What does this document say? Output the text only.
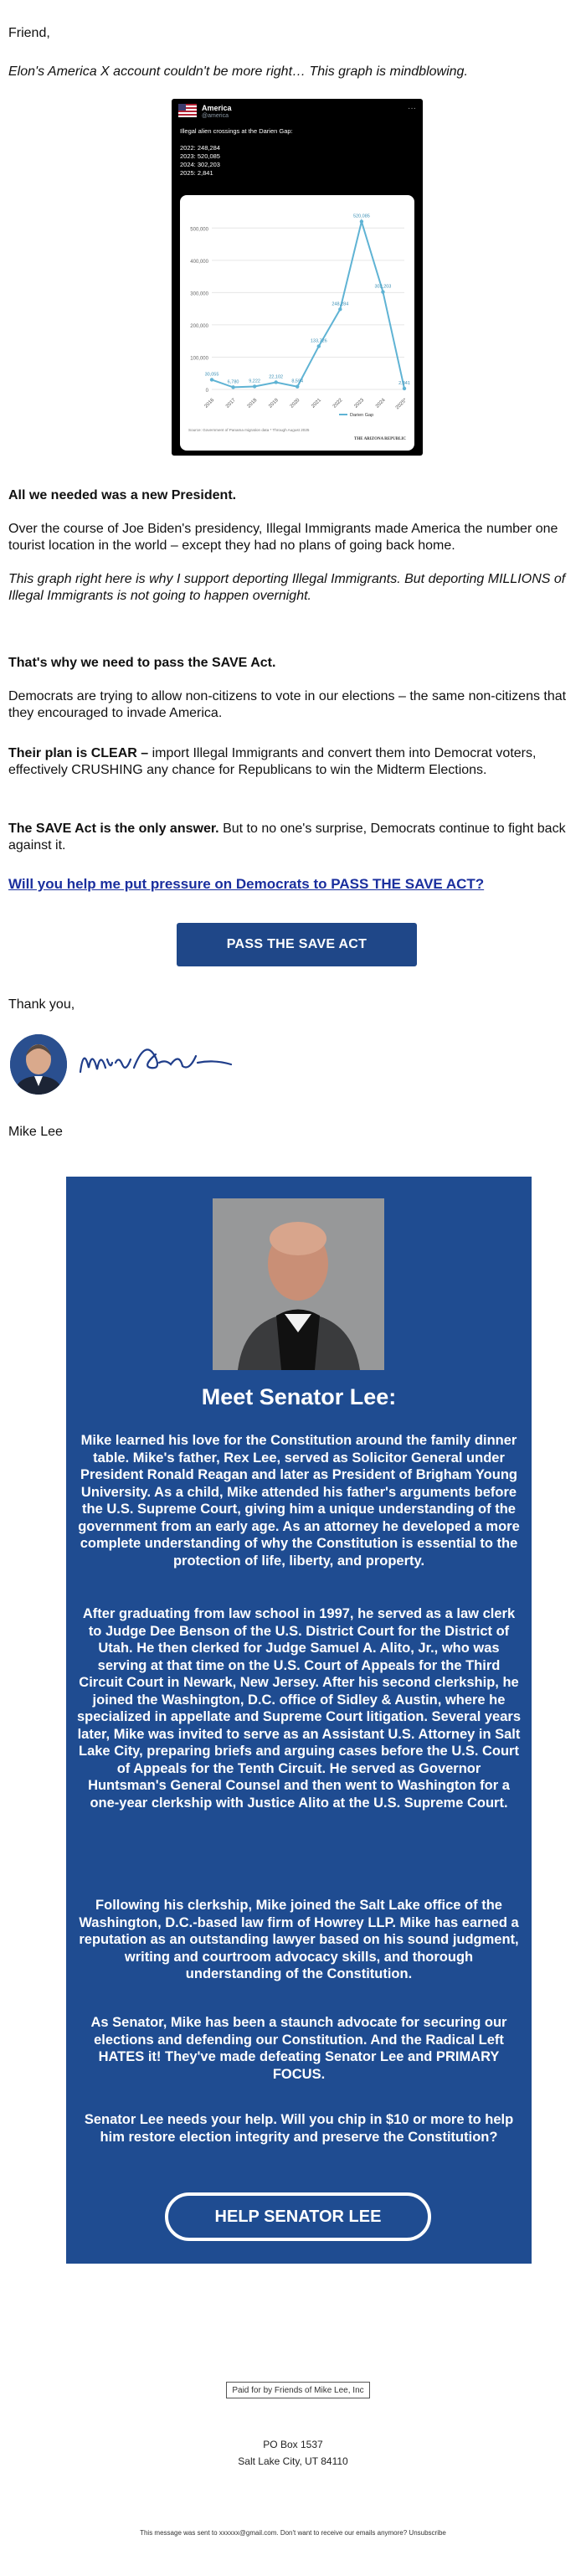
Friend,

Elon's America X account couldn't be more right… This graph is mindblowing.

America
@america
···
Illegal alien crossings at the Darien Gap:
2022: 248,284
2023: 520,085
2024: 302,203
2025: 2,841
0
100,000
200,000
300,000
400,000
500,000
2016 2017 2018 2019 2020 2021 2022 2023 2024 2025*
30,055
6,780 9,222
22,102
8,594
133,726
248,284
520,085
302,203
2,841
Darien Gap
Source: Government of Panama migration data * Through August 2025
THE ARIZONA REPUBLIC

All we needed was a new President.

Over the course of Joe Biden's presidency, Illegal Immigrants made America the number one tourist location in the world – except they had no plans of going back home.

This graph right here is why I support deporting Illegal Immigrants. But deporting MILLIONS of Illegal Immigrants is not going to happen overnight.

That's why we need to pass the SAVE Act.

Democrats are trying to allow non-citizens to vote in our elections – the same non-citizens that they encouraged to invade America.

Their plan is CLEAR – import Illegal Immigrants and convert them into Democrat voters, effectively CRUSHING any chance for Republicans to win the Midterm Elections.

The SAVE Act is the only answer. But to no one's surprise, Democrats continue to fight back against it.

Will you help me put pressure on Democrats to PASS THE SAVE ACT?

PASS THE SAVE ACT

Thank you,

Mike Lee

Mike Lee

Meet Senator Lee:

Mike learned his love for the Constitution around the family dinner table. Mike's father, Rex Lee, served as Solicitor General under President Ronald Reagan and later as President of Brigham Young University. As a child, Mike attended his father's arguments before the U.S. Supreme Court, giving him a unique understanding of the government from an early age. As an attorney he developed a more complete understanding of why the Constitution is essential to the protection of life, liberty, and property.

After graduating from law school in 1997, he served as a law clerk to Judge Dee Benson of the U.S. District Court for the District of Utah. He then clerked for Judge Samuel A. Alito, Jr., who was serving at that time on the U.S. Court of Appeals for the Third Circuit Court in Newark, New Jersey. After his second clerkship, he joined the Washington, D.C. office of Sidley & Austin, where he specialized in appellate and Supreme Court litigation. Several years later, Mike was invited to serve as an Assistant U.S. Attorney in Salt Lake City, preparing briefs and arguing cases before the U.S. Court of Appeals for the Tenth Circuit. He served as Governor Huntsman's General Counsel and then went to Washington for a one-year clerkship with Justice Alito at the U.S. Supreme Court.

Following his clerkship, Mike joined the Salt Lake office of the Washington, D.C.-based law firm of Howrey LLP. Mike has earned a reputation as an outstanding lawyer based on his sound judgment, writing and courtroom advocacy skills, and thorough understanding of the Constitution.

As Senator, Mike has been a staunch advocate for securing our elections and defending our Constitution. And the Radical Left HATES it! They've made defeating Senator Lee and PRIMARY FOCUS.

Senator Lee needs your help. Will you chip in $10 or more to help him restore election integrity and preserve the Constitution?

HELP SENATOR LEE
Paid for by Friends of Mike Lee, Inc

PO Box 1537

Salt Lake City, UT 84110

This message was sent to xxxxxx@gmail.com. Don't want to receive our emails anymore? Unsubscribe
